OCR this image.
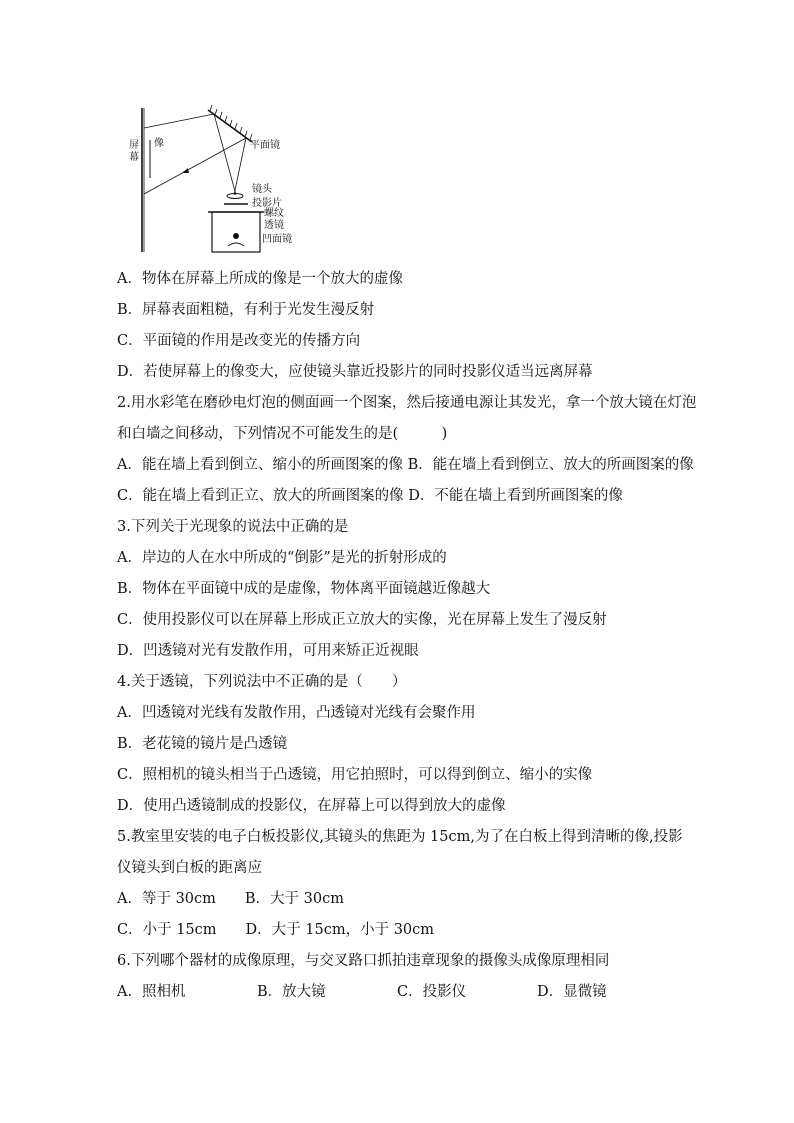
屏
幕
像	平面镜
镜头
投影片
螺纹
透镜
凹面镜
A．物体在屏幕上所成的像是一个放大的虚像
B．屏幕表面粗糙，有利于光发生漫反射
C．平面镜的作用是改变光的传播方向
D．若使屏幕上的像变大，应使镜头靠近投影片的同时投影仪适当远离屏幕
2.用水彩笔在磨砂电灯泡的侧面画一个图案，然后接通电源让其发光，拿一个放大镜在灯泡
和白墙之间移动，下列情况不可能发生的是(　　　)
A．能在墙上看到倒立、缩小的所画图案的像 B．能在墙上看到倒立、放大的所画图案的像
C．能在墙上看到正立、放大的所画图案的像 D．不能在墙上看到所画图案的像
3.下列关于光现象的说法中正确的是
A．岸边的人在水中所成的“倒影”是光的折射形成的
B．物体在平面镜中成的是虚像，物体离平面镜越近像越大
C．使用投影仪可以在屏幕上形成正立放大的实像，光在屏幕上发生了漫反射
D．凹透镜对光有发散作用，可用来矫正近视眼
4.关于透镜，下列说法中不正确的是（　　）
A．凹透镜对光线有发散作用，凸透镜对光线有会聚作用
B．老花镜的镜片是凸透镜
C．照相机的镜头相当于凸透镜，用它拍照时，可以得到倒立、缩小的实像
D．使用凸透镜制成的投影仪，在屏幕上可以得到放大的虚像
5.教室里安装的电子白板投影仪,其镜头的焦距为 15cm,为了在白板上得到清晰的像,投影
仪镜头到白板的距离应
A．等于 30cm　　B．大于 30cm
C．小于 15cm　　D．大于 15cm，小于 30cm
6.下列哪个器材的成像原理，与交叉路口抓拍违章现象的摄像头成像原理相同
A．照相机	B．放大镜	C．投影仪	D．显微镜
